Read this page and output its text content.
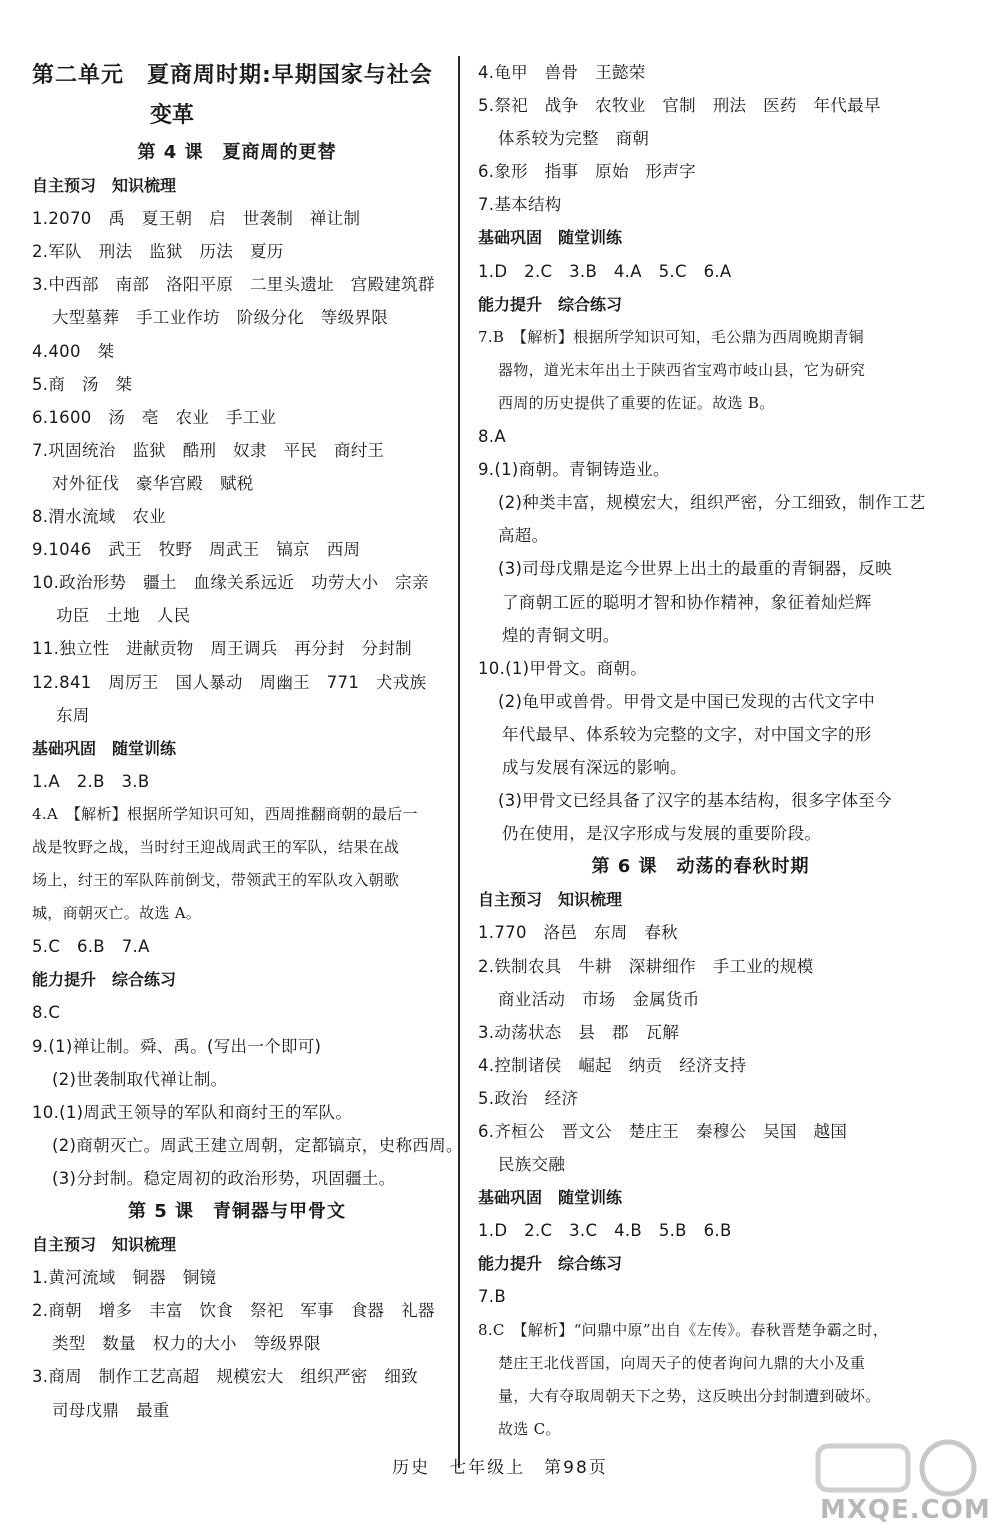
第二单元　夏商周时期:早期国家与社会
变革
第 4 课　夏商周的更替
自主预习　知识梳理
1.2070　禹　夏王朝　启　世袭制　禅让制
2.军队　刑法　监狱　历法　夏历
3.中西部　南部　洛阳平原　二里头遗址　宫殿建筑群
大型墓葬　手工业作坊　阶级分化　等级界限
4.400　桀
5.商　汤　桀
6.1600　汤　亳　农业　手工业
7.巩固统治　监狱　酷刑　奴隶　平民　商纣王
对外征伐　豪华宫殿　赋税
8.渭水流域　农业
9.1046　武王　牧野　周武王　镐京　西周
10.政治形势　疆土　血缘关系远近　功劳大小　宗亲
功臣　土地　人民
11.独立性　进献贡物　周王调兵　再分封　分封制
12.841　周厉王　国人暴动　周幽王　771　犬戎族
东周
基础巩固　随堂训练
1.A　2.B　3.B
4.A　【解析】根据所学知识可知，西周推翻商朝的最后一
战是牧野之战，当时纣王迎战周武王的军队，结果在战
场上，纣王的军队阵前倒戈，带领武王的军队攻入朝歌
城，商朝灭亡。故选 A。
5.C　6.B　7.A
能力提升　综合练习
8.C
9.(1)禅让制。舜、禹。(写出一个即可)
(2)世袭制取代禅让制。
10.(1)周武王领导的军队和商纣王的军队。
(2)商朝灭亡。周武王建立周朝，定都镐京，史称西周。
(3)分封制。稳定周初的政治形势，巩固疆土。
第 5 课　青铜器与甲骨文
自主预习　知识梳理
1.黄河流域　铜器　铜镜
2.商朝　增多　丰富　饮食　祭祀　军事　食器　礼器
类型　数量　权力的大小　等级界限
3.商周　制作工艺高超　规模宏大　组织严密　细致
司母戊鼎　最重
4.龟甲　兽骨　王懿荣
5.祭祀　战争　农牧业　官制　刑法　医药　年代最早
体系较为完整　商朝
6.象形　指事　原始　形声字
7.基本结构
基础巩固　随堂训练
1.D　2.C　3.B　4.A　5.C　6.A
能力提升　综合练习
7.B　【解析】根据所学知识可知，毛公鼎为西周晚期青铜
器物，道光末年出土于陕西省宝鸡市岐山县，它为研究
西周的历史提供了重要的佐证。故选 B。
8.A
9.(1)商朝。青铜铸造业。
(2)种类丰富，规模宏大，组织严密，分工细致，制作工艺
高超。
(3)司母戊鼎是迄今世界上出土的最重的青铜器，反映
了商朝工匠的聪明才智和协作精神，象征着灿烂辉
煌的青铜文明。
10.(1)甲骨文。商朝。
(2)龟甲或兽骨。甲骨文是中国已发现的古代文字中
年代最早、体系较为完整的文字，对中国文字的形
成与发展有深远的影响。
(3)甲骨文已经具备了汉字的基本结构，很多字体至今
仍在使用，是汉字形成与发展的重要阶段。
第 6 课　动荡的春秋时期
自主预习　知识梳理
1.770　洛邑　东周　春秋
2.铁制农具　牛耕　深耕细作　手工业的规模
商业活动　市场　金属货币
3.动荡状态　县　郡　瓦解
4.控制诸侯　崛起　纳贡　经济支持
5.政治　经济
6.齐桓公　晋文公　楚庄王　秦穆公　吴国　越国
民族交融
基础巩固　随堂训练
1.D　2.C　3.C　4.B　5.B　6.B
能力提升　综合练习
7.B
8.C　【解析】“问鼎中原”出自《左传》。春秋晋楚争霸之时，
楚庄王北伐晋国，向周天子的使者询问九鼎的大小及重
量，大有夺取周朝天下之势，这反映出分封制遭到破坏。
故选 C。
历史　七年级上　第98页
MXQE.COM
